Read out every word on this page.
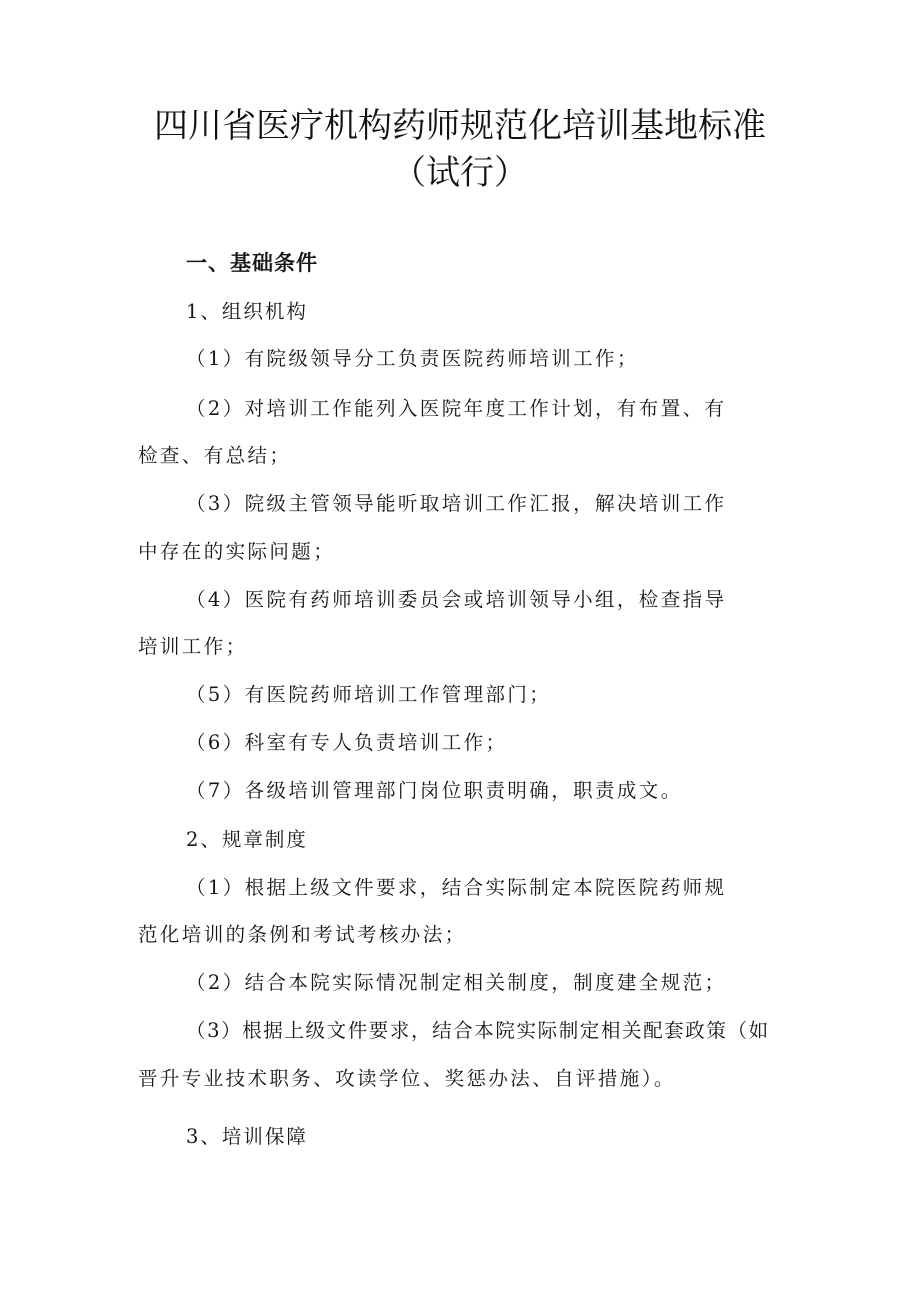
四川省医疗机构药师规范化培训基地标准
（试行）
一、基础条件
1、组织机构
（1）有院级领导分工负责医院药师培训工作；
（2）对培训工作能列入医院年度工作计划，有布置、有
检查、有总结；
（3）院级主管领导能听取培训工作汇报，解决培训工作
中存在的实际问题；
（4）医院有药师培训委员会或培训领导小组，检查指导
培训工作；
（5）有医院药师培训工作管理部门；
（6）科室有专人负责培训工作；
（7）各级培训管理部门岗位职责明确，职责成文。
2、规章制度
（1）根据上级文件要求，结合实际制定本院医院药师规
范化培训的条例和考试考核办法；
（2）结合本院实际情况制定相关制度，制度建全规范；
（3）根据上级文件要求，结合本院实际制定相关配套政策（如
晋升专业技术职务、攻读学位、奖惩办法、自评措施）。
3、培训保障
